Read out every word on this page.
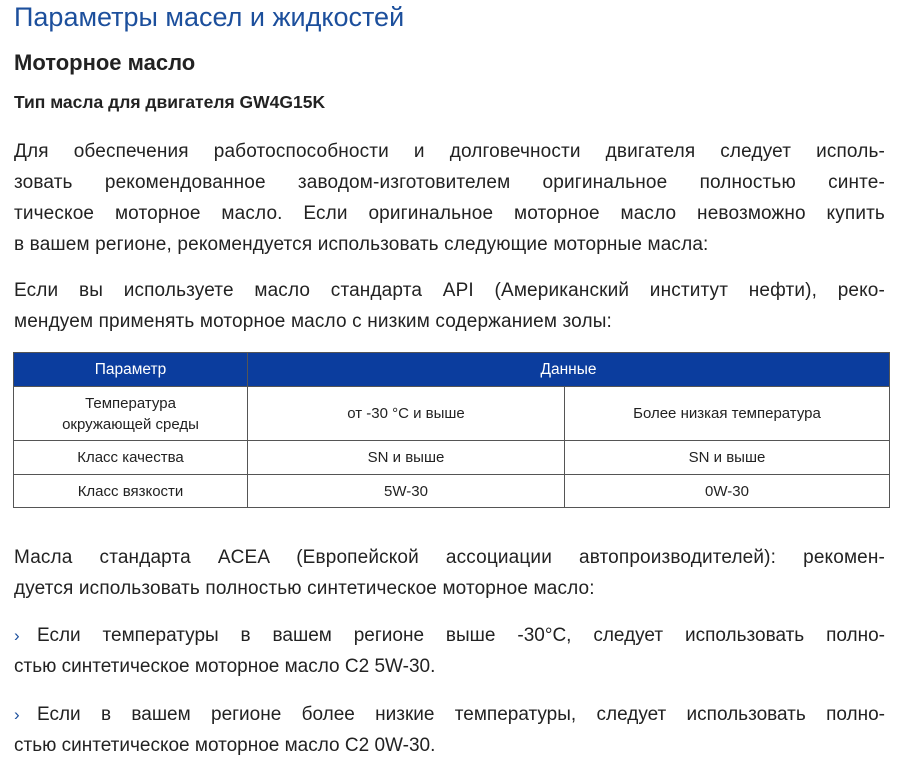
Параметры масел и жидкостей
Моторное масло
Тип масла для двигателя GW4G15K
Для обеспечения работоспособности и долговечности двигателя следует исполь-
зовать рекомендованное заводом-изготовителем оригинальное полностью синте-
тическое моторное масло. Если оригинальное моторное масло невозможно купить
в вашем регионе, рекомендуется использовать следующие моторные масла:
Если вы используете масло стандарта API (Американский институт нефти), реко-
мендуем применять моторное масло с низким содержанием золы:
Параметр	Данные	
Температура окружающей среды	от -30 °C и выше	Более низкая температура
Класс качества	SN и выше	SN и выше
Класс вязкости	5W-30	0W-30
Масла стандарта ACEA (Европейской ассоциации автопроизводителей): рекомен-
дуется использовать полностью синтетическое моторное масло:
› Если температуры в вашем регионе выше -30°C, следует использовать полно-
стью синтетическое моторное масло C2 5W-30.
› Если в вашем регионе более низкие температуры, следует использовать полно-
стью синтетическое моторное масло C2 0W-30.
